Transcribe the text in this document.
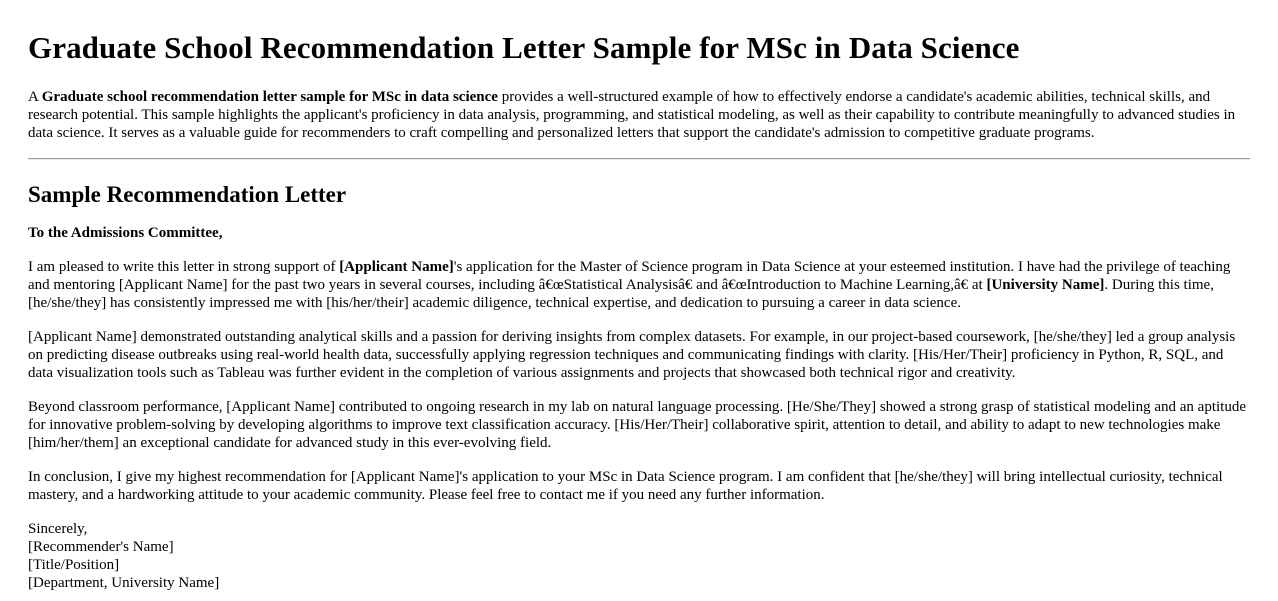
Graduate School Recommendation Letter Sample for MSc in Data Science

A Graduate school recommendation letter sample for MSc in data science provides a well-structured example of how to effectively endorse a candidate's academic abilities, technical skills, and research potential. This sample highlights the applicant's proficiency in data analysis, programming, and statistical modeling, as well as their capability to contribute meaningfully to advanced studies in data science. It serves as a valuable guide for recommenders to craft compelling and personalized letters that support the candidate's admission to competitive graduate programs.

Sample Recommendation Letter

To the Admissions Committee,

I am pleased to write this letter in strong support of [Applicant Name]'s application for the Master of Science program in Data Science at your esteemed institution. I have had the privilege of teaching and mentoring [Applicant Name] for the past two years in several courses, including â€œStatistical Analysisâ€ and â€œIntroduction to Machine Learning,â€ at [University Name]. During this time, [he/she/they] has consistently impressed me with [his/her/their] academic diligence, technical expertise, and dedication to pursuing a career in data science.

[Applicant Name] demonstrated outstanding analytical skills and a passion for deriving insights from complex datasets. For example, in our project-based coursework, [he/she/they] led a group analysis on predicting disease outbreaks using real-world health data, successfully applying regression techniques and communicating findings with clarity. [His/Her/Their] proficiency in Python, R, SQL, and data visualization tools such as Tableau was further evident in the completion of various assignments and projects that showcased both technical rigor and creativity.

Beyond classroom performance, [Applicant Name] contributed to ongoing research in my lab on natural language processing. [He/She/They] showed a strong grasp of statistical modeling and an aptitude for innovative problem-solving by developing algorithms to improve text classification accuracy. [His/Her/Their] collaborative spirit, attention to detail, and ability to adapt to new technologies make [him/her/them] an exceptional candidate for advanced study in this ever-evolving field.

In conclusion, I give my highest recommendation for [Applicant Name]'s application to your MSc in Data Science program. I am confident that [he/she/they] will bring intellectual curiosity, technical mastery, and a hardworking attitude to your academic community. Please feel free to contact me if you need any further information.

Sincerely,
[Recommender's Name]
[Title/Position]
[Department, University Name]
